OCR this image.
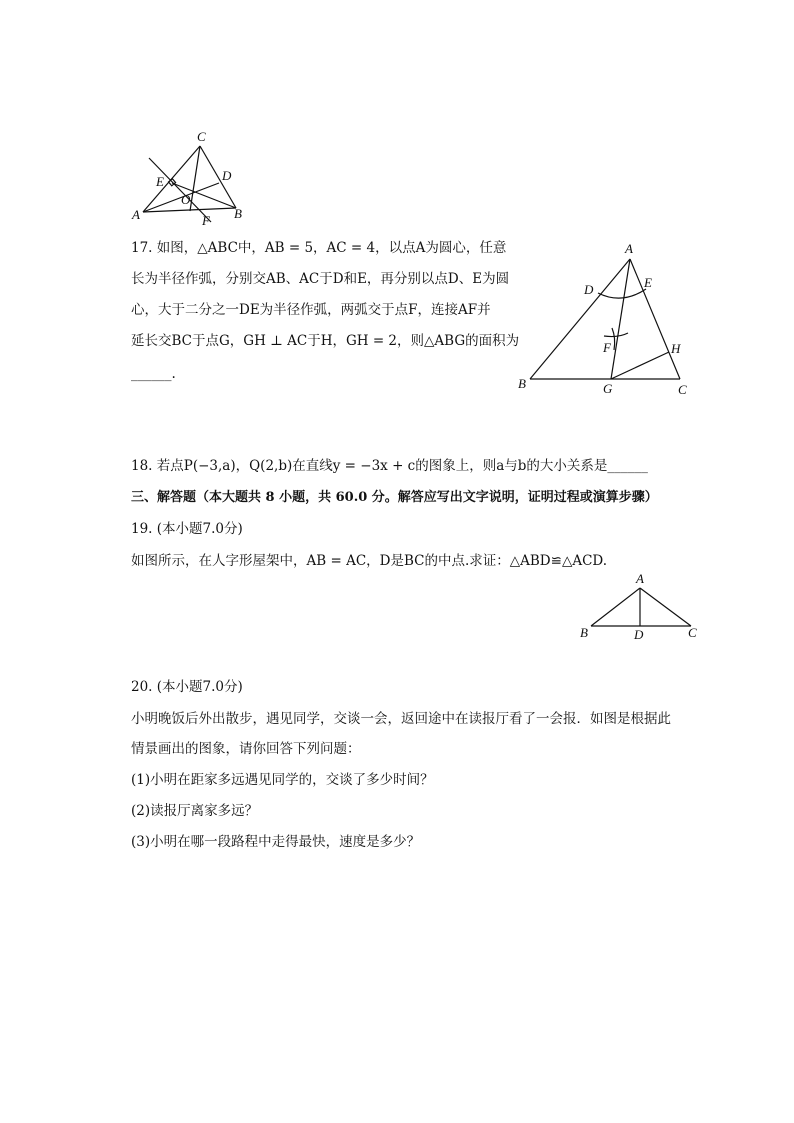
C
E	D
O
A	F B
17. 如图，△ABC中，AB = 5，AC = 4，以点A为圆心，任意
长为半径作弧，分别交AB、AC于D和E，再分别以点D、E为圆
心，大于二分之一DE为半径作弧，两弧交于点F，连接AF并
延长交BC于点G，GH ⊥ AC于H，GH = 2，则△ABG的面积为
______.
A
D	E
F	H
B	G	C
18. 若点P(−3,a)，Q(2,b)在直线y = −3x + c的图象上，则a与b的大小关系是______
三、解答题（本大题共 8 小题，共 60.0 分。解答应写出文字说明，证明过程或演算步骤）
19. (本小题7.0分)
如图所示，在人字形屋架中，AB = AC，D是BC的中点.求证：△ABD≌△ACD.
A
B	D	C
20. (本小题7.0分)
小明晚饭后外出散步，遇见同学，交谈一会，返回途中在读报厅看了一会报．如图是根据此
情景画出的图象，请你回答下列问题：
(1)小明在距家多远遇见同学的，交谈了多少时间？
(2)读报厅离家多远？
(3)小明在哪一段路程中走得最快，速度是多少？
